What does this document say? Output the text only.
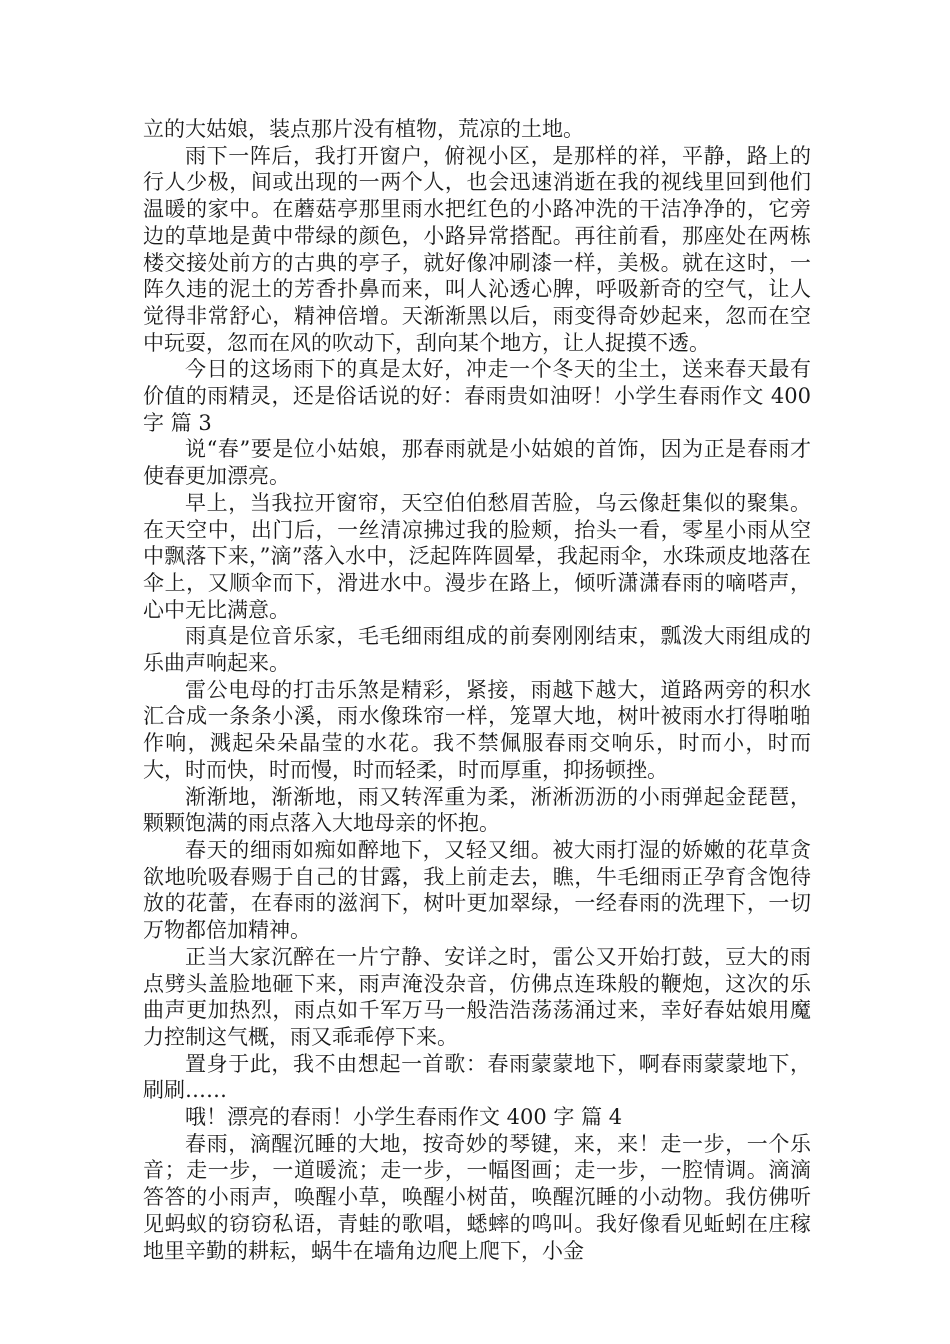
立的大姑娘，装点那片没有植物，荒凉的土地。

雨下一阵后，我打开窗户，俯视小区，是那样的祥，平静，路上的行人少极，间或出现的一两个人，也会迅速消逝在我的视线里回到他们温暖的家中。在蘑菇亭那里雨水把红色的小路冲洗的干洁净净的，它旁边的草地是黄中带绿的颜色，小路异常搭配。再往前看，那座处在两栋楼交接处前方的古典的亭子，就好像冲刷漆一样，美极。就在这时，一阵久违的泥土的芳香扑鼻而来，叫人沁透心脾，呼吸新奇的空气，让人觉得非常舒心，精神倍增。天渐渐黑以后，雨变得奇妙起来，忽而在空中玩耍，忽而在风的吹动下，刮向某个地方，让人捉摸不透。

今日的这场雨下的真是太好，冲走一个冬天的尘土，送来春天最有价值的雨精灵，还是俗话说的好：春雨贵如油呀！小学生春雨作文 400 字 篇 3

说“春”要是位小姑娘，那春雨就是小姑娘的首饰，因为正是春雨才使春更加漂亮。

早上，当我拉开窗帘，天空伯伯愁眉苦脸，乌云像赶集似的聚集。在天空中，出门后，一丝清凉拂过我的脸颊，抬头一看，零星小雨从空中飘落下来，”滴”落入水中，泛起阵阵圆晕，我起雨伞，水珠顽皮地落在伞上，又顺伞而下，滑进水中。漫步在路上，倾听潇潇春雨的嘀嗒声，心中无比满意。

雨真是位音乐家，毛毛细雨组成的前奏刚刚结束，瓢泼大雨组成的乐曲声响起来。

雷公电母的打击乐煞是精彩，紧接，雨越下越大，道路两旁的积水汇合成一条条小溪，雨水像珠帘一样，笼罩大地，树叶被雨水打得啪啪作响，溅起朵朵晶莹的水花。我不禁佩服春雨交响乐，时而小，时而大，时而快，时而慢，时而轻柔，时而厚重，抑扬顿挫。

渐渐地，渐渐地，雨又转浑重为柔，淅淅沥沥的小雨弹起金琵琶，颗颗饱满的雨点落入大地母亲的怀抱。

春天的细雨如痴如醉地下，又轻又细。被大雨打湿的娇嫩的花草贪欲地吮吸春赐于自己的甘露，我上前走去，瞧，牛毛细雨正孕育含饱待放的花蕾，在春雨的滋润下，树叶更加翠绿，一经春雨的洗理下，一切万物都倍加精神。

正当大家沉醉在一片宁静、安详之时，雷公又开始打鼓，豆大的雨点劈头盖脸地砸下来，雨声淹没杂音，仿佛点连珠般的鞭炮，这次的乐曲声更加热烈，雨点如千军万马一般浩浩荡荡涌过来，幸好春姑娘用魔力控制这气概，雨又乖乖停下来。

置身于此，我不由想起一首歌：春雨蒙蒙地下，啊春雨蒙蒙地下，刷刷……

哦！漂亮的春雨！小学生春雨作文 400 字 篇 4

春雨，滴醒沉睡的大地，按奇妙的琴键，来，来！走一步，一个乐音；走一步，一道暖流；走一步，一幅图画；走一步，一腔情调。滴滴答答的小雨声，唤醒小草，唤醒小树苗，唤醒沉睡的小动物。我仿佛听见蚂蚁的窃窃私语，青蛙的歌唱，蟋蟀的鸣叫。我好像看见蚯蚓在庄稼地里辛勤的耕耘，蜗牛在墙角边爬上爬下，小金
